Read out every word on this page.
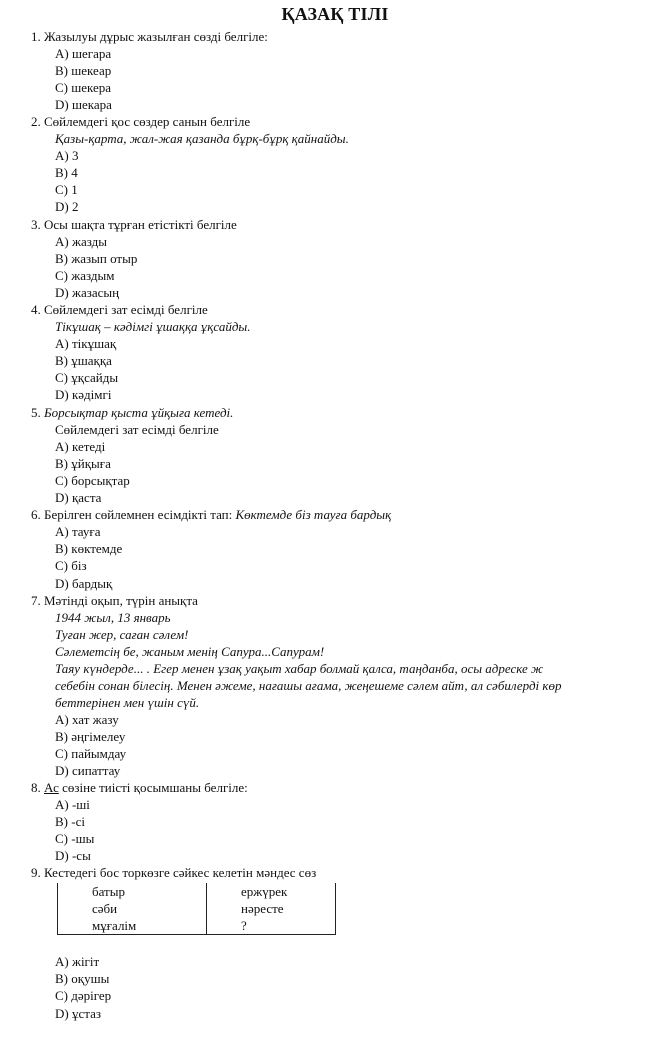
ҚАЗАҚ ТІЛІ
1. Жазылуы дұрыс жазылған сөзді белгіле:
A) шегара
B) шекеар
C) шекера
D) шекара
2. Сөйлемдегі қос сөздер санын белгіле
Қазы-қарта, жал-жая қазанда бұрқ-бұрқ қайнайды.
A) 3
B) 4
C) 1
D) 2
3. Осы шақта тұрған етістікті белгіле
A) жазды
B) жазып отыр
C) жаздым
D) жазасың
4. Сөйлемдегі зат есімді белгіле
Тікұшақ – кәдімгі ұшаққа ұқсайды.
A) тікұшақ
B) ұшаққа
C) ұқсайды
D) кәдімгі
5. Борсықтар қыста ұйқыға кетеді.
Сөйлемдегі зат есімді белгіле
A) кетеді
B) ұйқыға
C) борсықтар
D) қаста
6. Берілген сөйлемнен есімдікті тап: Көктемде біз тауға бардық
A) тауға
B) көктемде
C) біз
D) бардық
7. Мәтінді оқып, түрін анықта
1944 жыл, 13 январь
Туған жер, саған сәлем!
Сәлеметсің бе, жаным менің Сапура...Сапурам!
Таяу күндерде... . Егер менен ұзақ уақыт хабар болмай қалса, таңданба, осы адреске ж
себебін сонан білесің. Менен әжеме, нағашы ағама, жеңешеме сәлем айт, ал сәбилерді көр
беттерінен мен үшін сүй.
A) хат жазу
B) әңгімелеу
C) пайымдау
D) сипаттау
8. Ас сөзіне тиісті қосымшаны белгіле:
A) -ші
B) -сі
C) -шы
D) -сы
9. Кестедегі бос торкөзге сәйкес келетін мәндес сөз
батыр	ержүрек
сәби	нәресте
мұғалім	?
A) жігіт
B) оқушы
C) дәрігер
D) ұстаз
